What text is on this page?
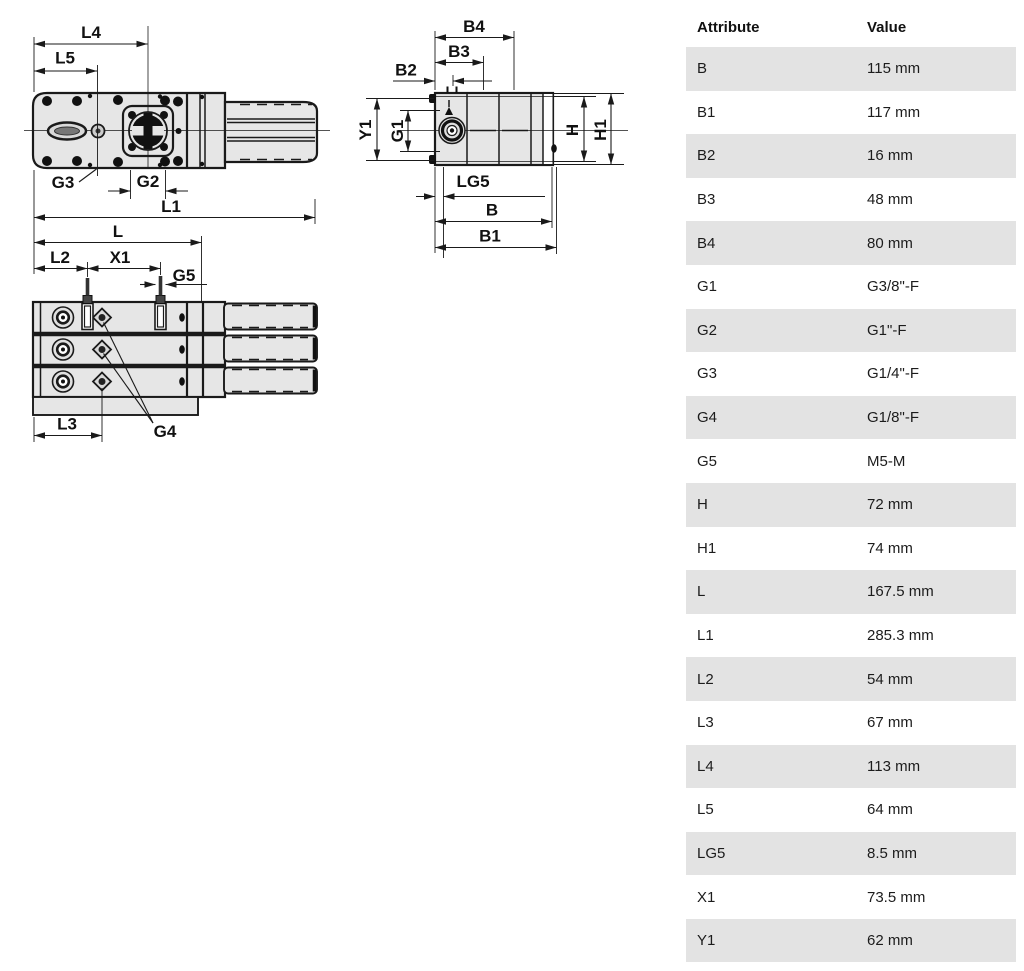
L4
L5
G3	G2
L1
L
L2 X1
G5
L3	G4
B4
B3
B2
Y1 G1	H H1
LG5
B
B1
Attribute	Value
B	115 mm
B1	117 mm
B2	16 mm
B3	48 mm
B4	80 mm
G1	G3/8"-F
G2	G1"-F
G3	G1/4"-F
G4	G1/8"-F
G5	M5-M
H	72 mm
H1	74 mm
L	167.5 mm
L1	285.3 mm
L2	54 mm
L3	67 mm
L4	113 mm
L5	64 mm
LG5	8.5 mm
X1	73.5 mm
Y1	62 mm
